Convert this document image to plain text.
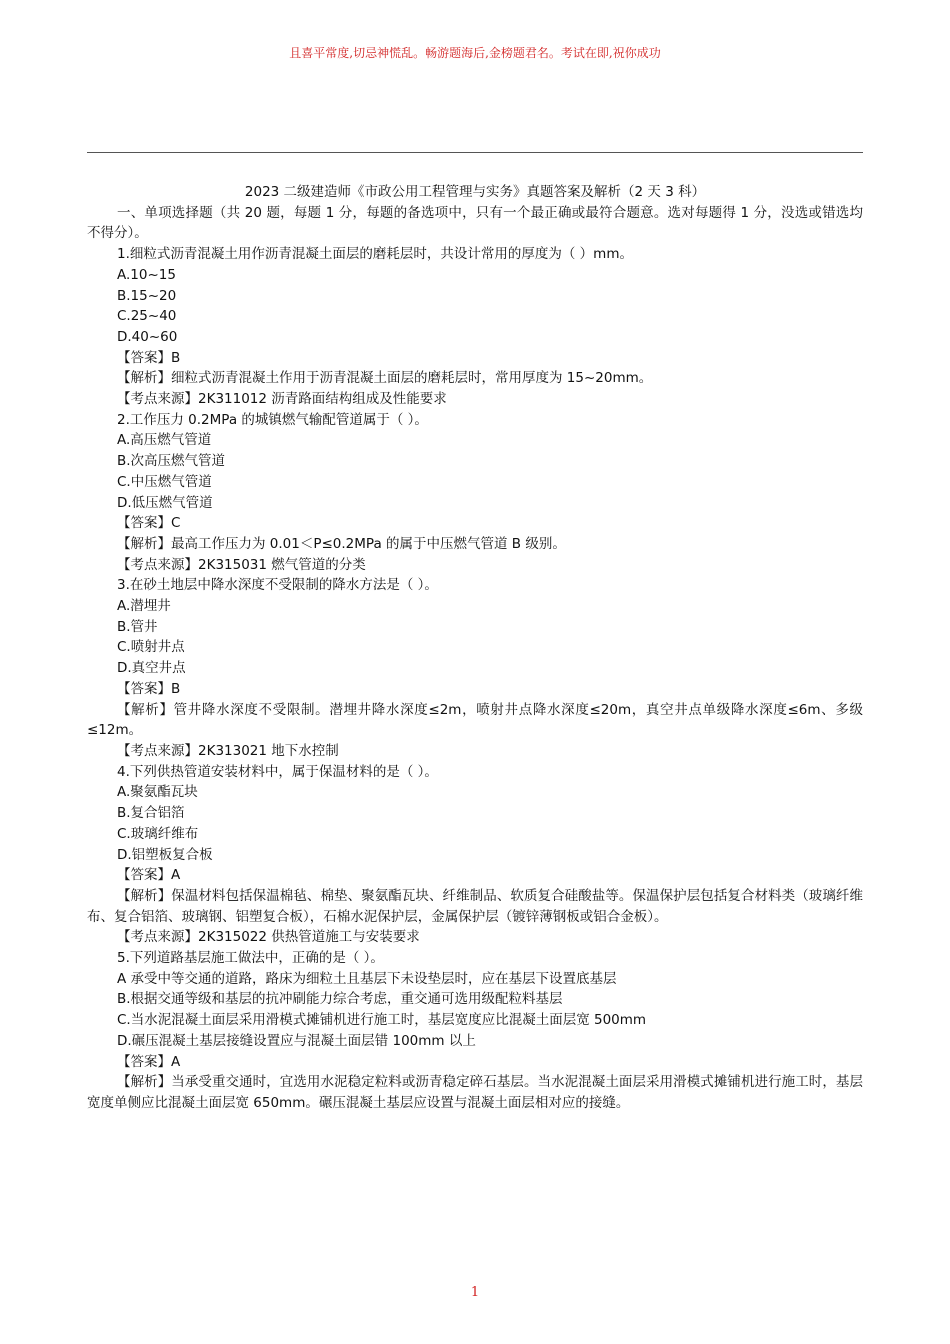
且喜平常度,切忌神慌乱。畅游题海后,金榜题君名。考试在即,祝你成功

2023 二级建造师《市政公用工程管理与实务》真题答案及解析（2 天 3 科）

一、单项选择题（共 20 题，每题 1 分，每题的备选项中，只有一个最正确或最符合题意。选对每题得 1 分，没选或错选均不得分）。

1.细粒式沥青混凝土用作沥青混凝土面层的磨耗层时，共设计常用的厚度为（ ）mm。

A.10~15

B.15~20

C.25~40

D.40~60

【答案】B

【解析】细粒式沥青混凝土作用于沥青混凝土面层的磨耗层时，常用厚度为 15~20mm。

【考点来源】2K311012 沥青路面结构组成及性能要求

2.工作压力 0.2MPa 的城镇燃气输配管道属于（ ）。

A.高压燃气管道

B.次高压燃气管道

C.中压燃气管道

D.低压燃气管道

【答案】C

【解析】最高工作压力为 0.01＜P≤0.2MPa 的属于中压燃气管道 B 级别。

【考点来源】2K315031 燃气管道的分类

3.在砂土地层中降水深度不受限制的降水方法是（ ）。

A.潜埋井

B.管井

C.喷射井点

D.真空井点

【答案】B

【解析】管井降水深度不受限制。潜埋井降水深度≤2m，喷射井点降水深度≤20m，真空井点单级降水深度≤6m、多级≤12m。

【考点来源】2K313021 地下水控制

4.下列供热管道安装材料中，属于保温材料的是（ ）。

A.聚氨酯瓦块

B.复合铝箔

C.玻璃纤维布

D.铝塑板复合板

【答案】A

【解析】保温材料包括保温棉毡、棉垫、聚氨酯瓦块、纤维制品、软质复合硅酸盐等。保温保护层包括复合材料类（玻璃纤维布、复合铝箔、玻璃钢、铝塑复合板），石棉水泥保护层，金属保护层（镀锌薄钢板或铝合金板）。

【考点来源】2K315022 供热管道施工与安装要求

5.下列道路基层施工做法中，正确的是（ ）。

A 承受中等交通的道路，路床为细粒土且基层下未设垫层时，应在基层下设置底基层

B.根据交通等级和基层的抗冲刷能力综合考虑，重交通可选用级配粒料基层

C.当水泥混凝土面层采用滑模式摊铺机进行施工时，基层宽度应比混凝土面层宽 500mm

D.碾压混凝土基层接缝设置应与混凝土面层错 100mm 以上

【答案】A

【解析】当承受重交通时，宜选用水泥稳定粒料或沥青稳定碎石基层。当水泥混凝土面层采用滑模式摊铺机进行施工时，基层宽度单侧应比混凝土面层宽 650mm。碾压混凝土基层应设置与混凝土面层相对应的接缝。

1
